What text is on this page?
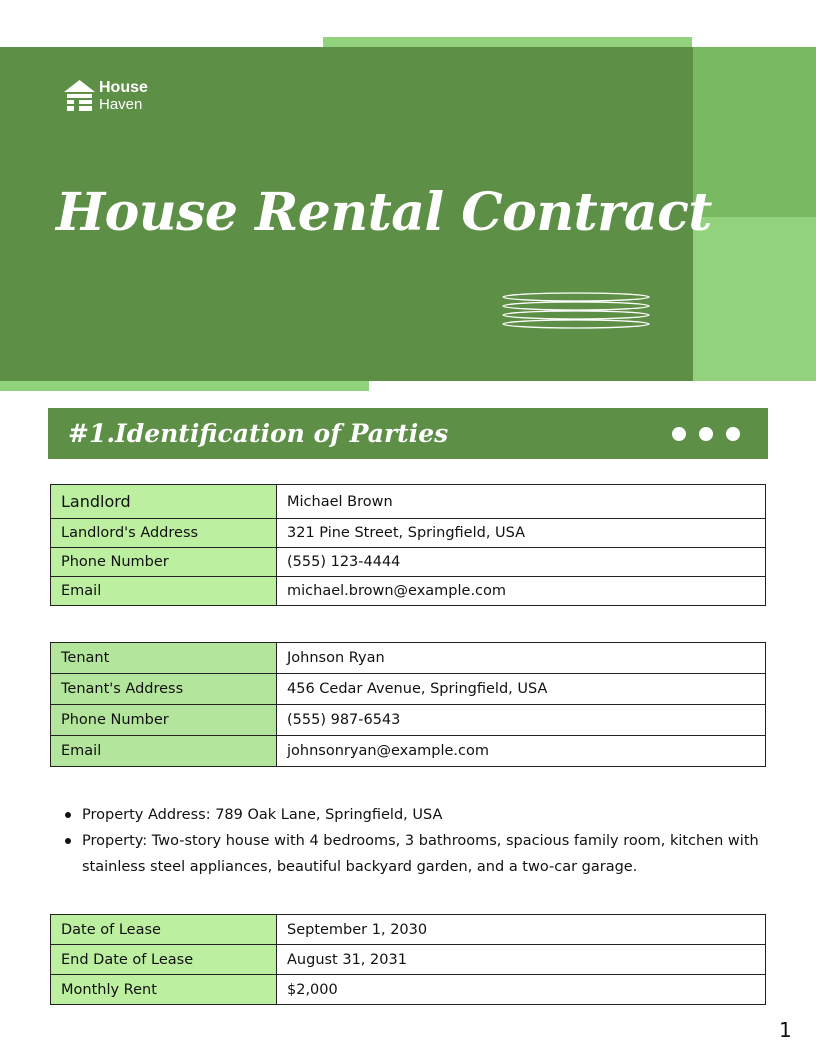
House
Haven
House Rental Contract
#1.Identification of Parties
Landlord	Michael Brown
Landlord's Address	321 Pine Street, Springfield, USA
Phone Number	(555) 123-4444
Email	michael.brown@example.com
Tenant	Johnson Ryan
Tenant's Address	456 Cedar Avenue, Springfield, USA
Phone Number	(555) 987-6543
Email	johnsonryan@example.com
Property Address: 789 Oak Lane, Springfield, USA
Property: Two-story house with 4 bedrooms, 3 bathrooms, spacious family room, kitchen with stainless steel appliances, beautiful backyard garden, and a two-car garage.
Date of Lease	September 1, 2030
End Date of Lease	August 31, 2031
Monthly Rent	$2,000
1
